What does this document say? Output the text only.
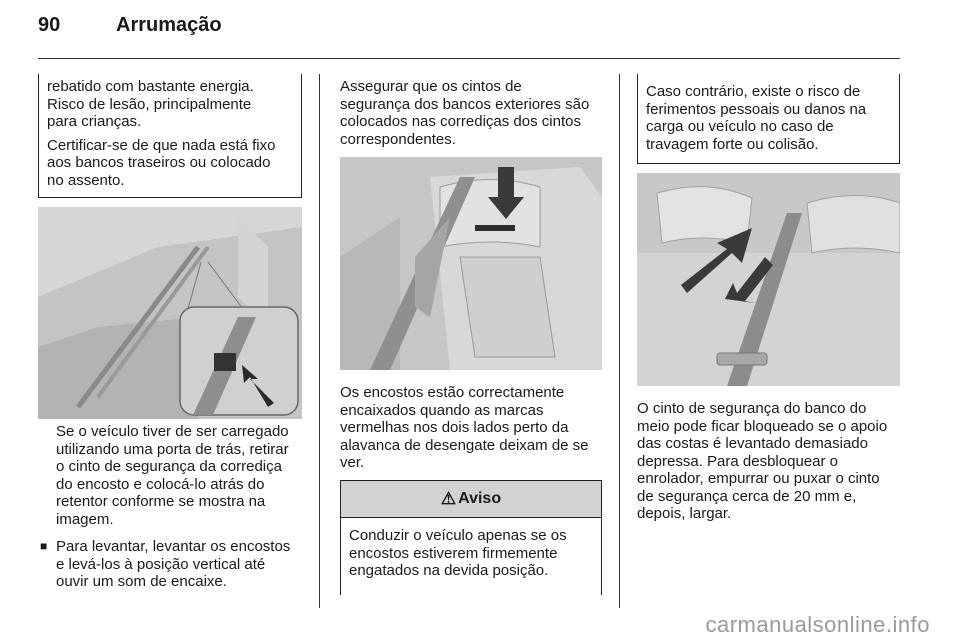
90	Arrumação

rebatido com bastante energia.

Risco de lesão, principalmente

para crianças.

Certificar-se de que nada está fixo

aos bancos traseiros ou colocado

no assento.

Se o veículo tiver de ser carregado

utilizando uma porta de trás, retirar

o cinto de segurança da corrediça

do encosto e colocá-lo atrás do

retentor conforme se mostra na

imagem.

■ Para levantar, levantar os encostos

e levá-los à posição vertical até

ouvir um som de encaixe.

Assegurar que os cintos de

segurança dos bancos exteriores são

colocados nas corrediças dos cintos

correspondentes.

Os encostos estão correctamente

encaixados quando as marcas

vermelhas nos dois lados perto da

alavanca de desengate deixam de se

ver.

⚠ Aviso

Conduzir o veículo apenas se os

encostos estiverem firmemente

engatados na devida posição.

Caso contrário, existe o risco de

ferimentos pessoais ou danos na

carga ou veículo no caso de

travagem forte ou colisão.

O cinto de segurança do banco do

meio pode ficar bloqueado se o apoio

das costas é levantado demasiado

depressa. Para desbloquear o

enrolador, empurrar ou puxar o cinto

de segurança cerca de 20 mm e,

depois, largar.

carmanualsonline.info
